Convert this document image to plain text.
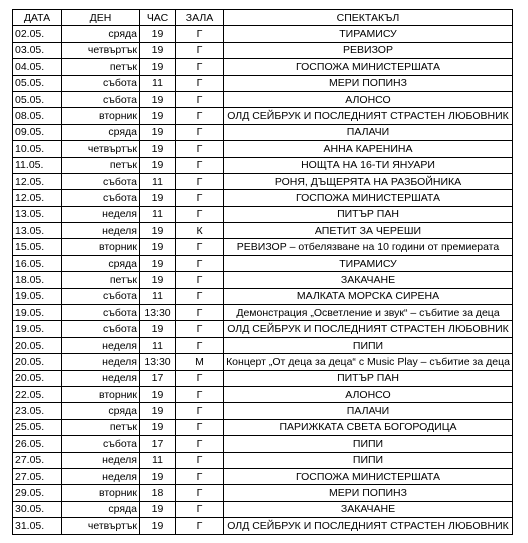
ДАТА	ДЕН	ЧАС	ЗАЛА	СПЕКТАКЪЛ
02.05.	сряда	19	Г	ТИРАМИСУ
03.05.	четвъртък	19	Г	РЕВИЗОР
04.05.	петък	19	Г	ГОСПОЖА МИНИСТЕРШАТА
05.05.	събота	11	Г	МЕРИ ПОПИНЗ
05.05.	събота	19	Г	АЛОНСО
08.05.	вторник	19	Г	ОЛД СЕЙБРУК И ПОСЛЕДНИЯТ СТРАСТЕН ЛЮБОВНИК
09.05.	сряда	19	Г	ПАЛАЧИ
10.05.	четвъртък	19	Г	АННА КАРЕНИНА
11.05.	петък	19	Г	НОЩТА НА 16-ТИ ЯНУАРИ
12.05.	събота	11	Г	РОНЯ, ДЪЩЕРЯТА НА РАЗБОЙНИКА
12.05.	събота	19	Г	ГОСПОЖА МИНИСТЕРШАТА
13.05.	неделя	11	Г	ПИТЪР ПАН
13.05.	неделя	19	К	АПЕТИТ ЗА ЧЕРЕШИ
15.05.	вторник	19	Г	РЕВИЗОР – отбелязване на 10 години от премиерата
16.05.	сряда	19	Г	ТИРАМИСУ
18.05.	петък	19	Г	ЗАКАЧАНЕ
19.05.	събота	11	Г	МАЛКАТА МОРСКА СИРЕНА
19.05.	събота	13:30	Г	Демонстрация „Осветление и звук“ – събитие за деца
19.05.	събота	19	Г	ОЛД СЕЙБРУК И ПОСЛЕДНИЯТ СТРАСТЕН ЛЮБОВНИК
20.05.	неделя	11	Г	ПИПИ
20.05.	неделя	13:30	М	Концерт „От деца за деца“ с Music Play – събитие за деца
20.05.	неделя	17	Г	ПИТЪР ПАН
22.05.	вторник	19	Г	АЛОНСО
23.05.	сряда	19	Г	ПАЛАЧИ
25.05.	петък	19	Г	ПАРИЖКАТА СВЕТА БОГОРОДИЦА
26.05.	събота	17	Г	ПИПИ
27.05.	неделя	11	Г	ПИПИ
27.05.	неделя	19	Г	ГОСПОЖА МИНИСТЕРШАТА
29.05.	вторник	18	Г	МЕРИ ПОПИНЗ
30.05.	сряда	19	Г	ЗАКАЧАНЕ
31.05.	четвъртък	19	Г	ОЛД СЕЙБРУК И ПОСЛЕДНИЯТ СТРАСТЕН ЛЮБОВНИК
